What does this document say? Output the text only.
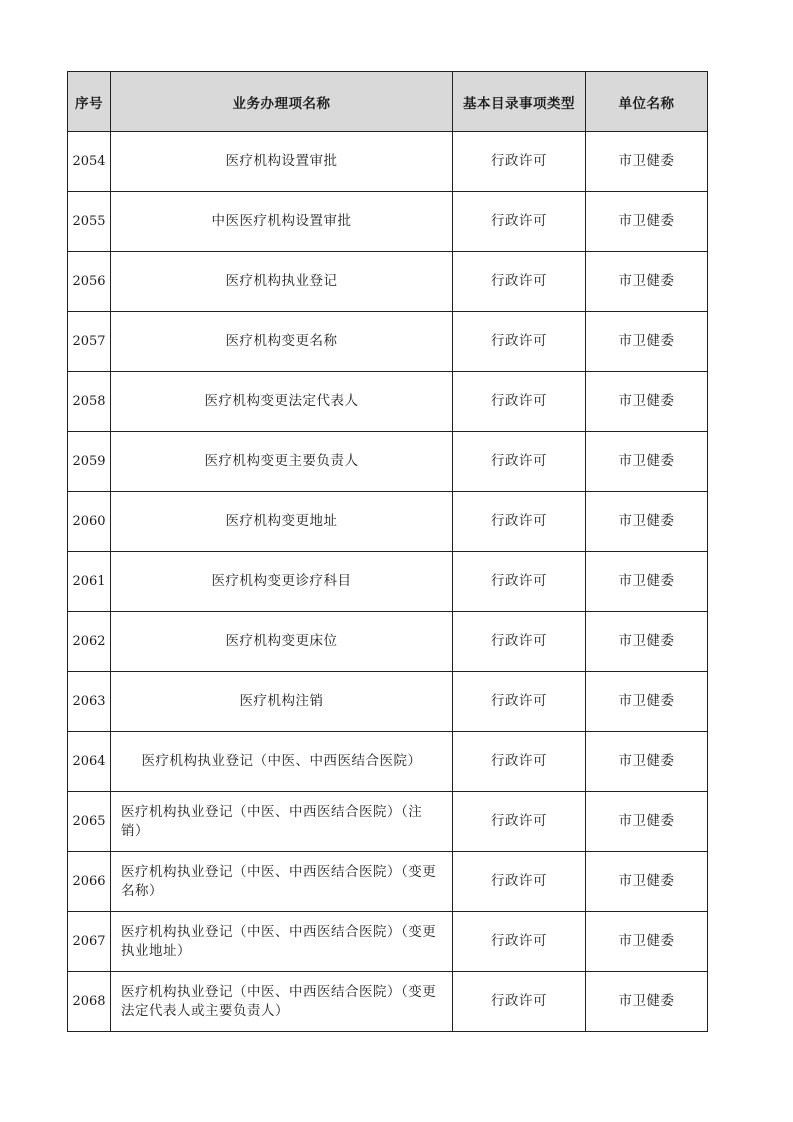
序号	业务办理项名称	基本目录事项类型	单位名称
2054	医疗机构设置审批	行政许可	市卫健委
2055	中医医疗机构设置审批	行政许可	市卫健委
2056	医疗机构执业登记	行政许可	市卫健委
2057	医疗机构变更名称	行政许可	市卫健委
2058	医疗机构变更法定代表人	行政许可	市卫健委
2059	医疗机构变更主要负责人	行政许可	市卫健委
2060	医疗机构变更地址	行政许可	市卫健委
2061	医疗机构变更诊疗科目	行政许可	市卫健委
2062	医疗机构变更床位	行政许可	市卫健委
2063	医疗机构注销	行政许可	市卫健委
2064	医疗机构执业登记（中医、中西医结合医院）	行政许可	市卫健委
2065	医疗机构执业登记（中医、中西医结合医院）（注销）	行政许可	市卫健委
2066	医疗机构执业登记（中医、中西医结合医院）（变更名称）	行政许可	市卫健委
2067	医疗机构执业登记（中医、中西医结合医院）（变更执业地址）	行政许可	市卫健委
2068	医疗机构执业登记（中医、中西医结合医院）（变更法定代表人或主要负责人）	行政许可	市卫健委
